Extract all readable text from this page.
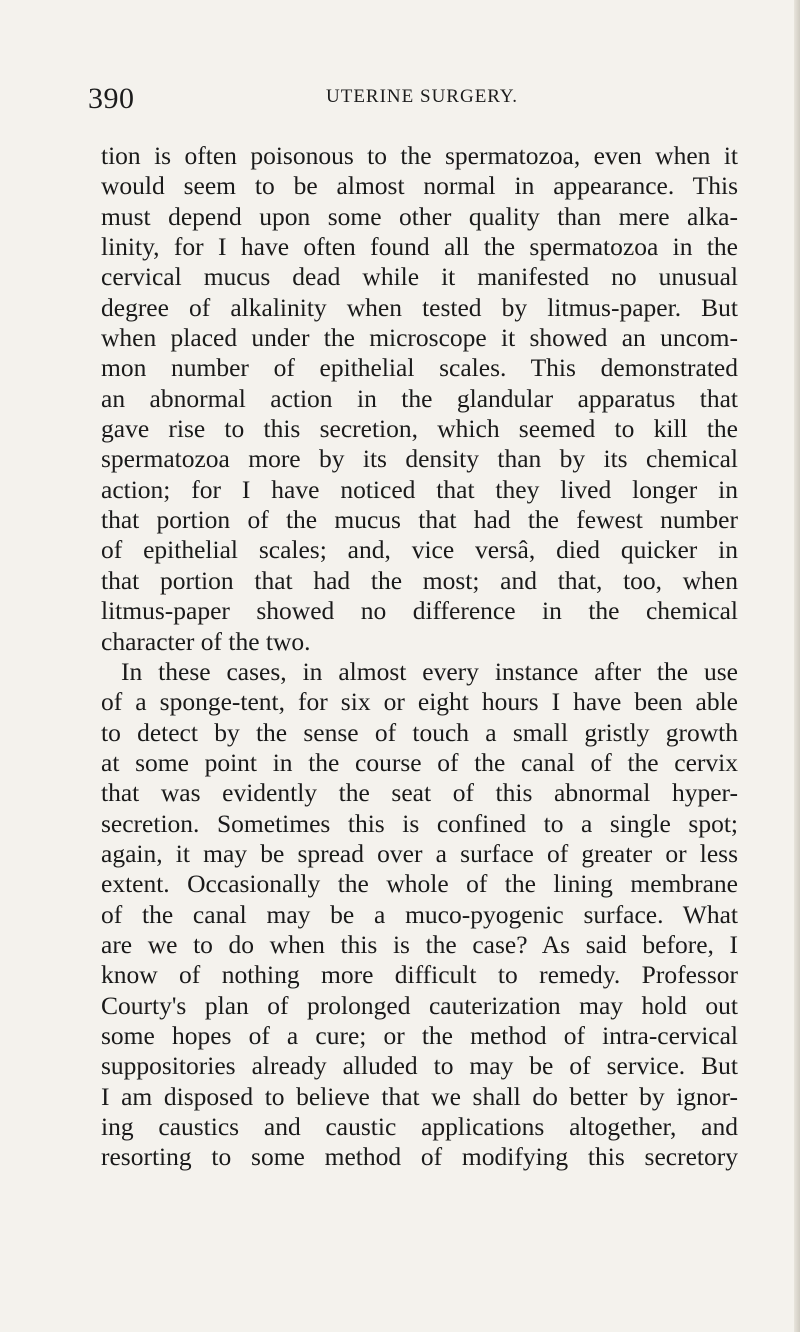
390	UTERINE SURGERY.
tion is often poisonous to the spermatozoa, even when it
would seem to be almost normal in appearance. This
must depend upon some other quality than mere alka-
linity, for I have often found all the spermatozoa in the
cervical mucus dead while it manifested no unusual
degree of alkalinity when tested by litmus-paper. But
when placed under the microscope it showed an uncom-
mon number of epithelial scales. This demonstrated
an abnormal action in the glandular apparatus that
gave rise to this secretion, which seemed to kill the
spermatozoa more by its density than by its chemical
action; for I have noticed that they lived longer in
that portion of the mucus that had the fewest number
of epithelial scales; and, vice versâ, died quicker in
that portion that had the most; and that, too, when
litmus-paper showed no difference in the chemical
character of the two.
In these cases, in almost every instance after the use
of a sponge-tent, for six or eight hours I have been able
to detect by the sense of touch a small gristly growth
at some point in the course of the canal of the cervix
that was evidently the seat of this abnormal hyper-
secretion. Sometimes this is confined to a single spot;
again, it may be spread over a surface of greater or less
extent. Occasionally the whole of the lining membrane
of the canal may be a muco-pyogenic surface. What
are we to do when this is the case? As said before, I
know of nothing more difficult to remedy. Professor
Courty's plan of prolonged cauterization may hold out
some hopes of a cure; or the method of intra-cervical
suppositories already alluded to may be of service. But
I am disposed to believe that we shall do better by ignor-
ing caustics and caustic applications altogether, and
resorting to some method of modifying this secretory
